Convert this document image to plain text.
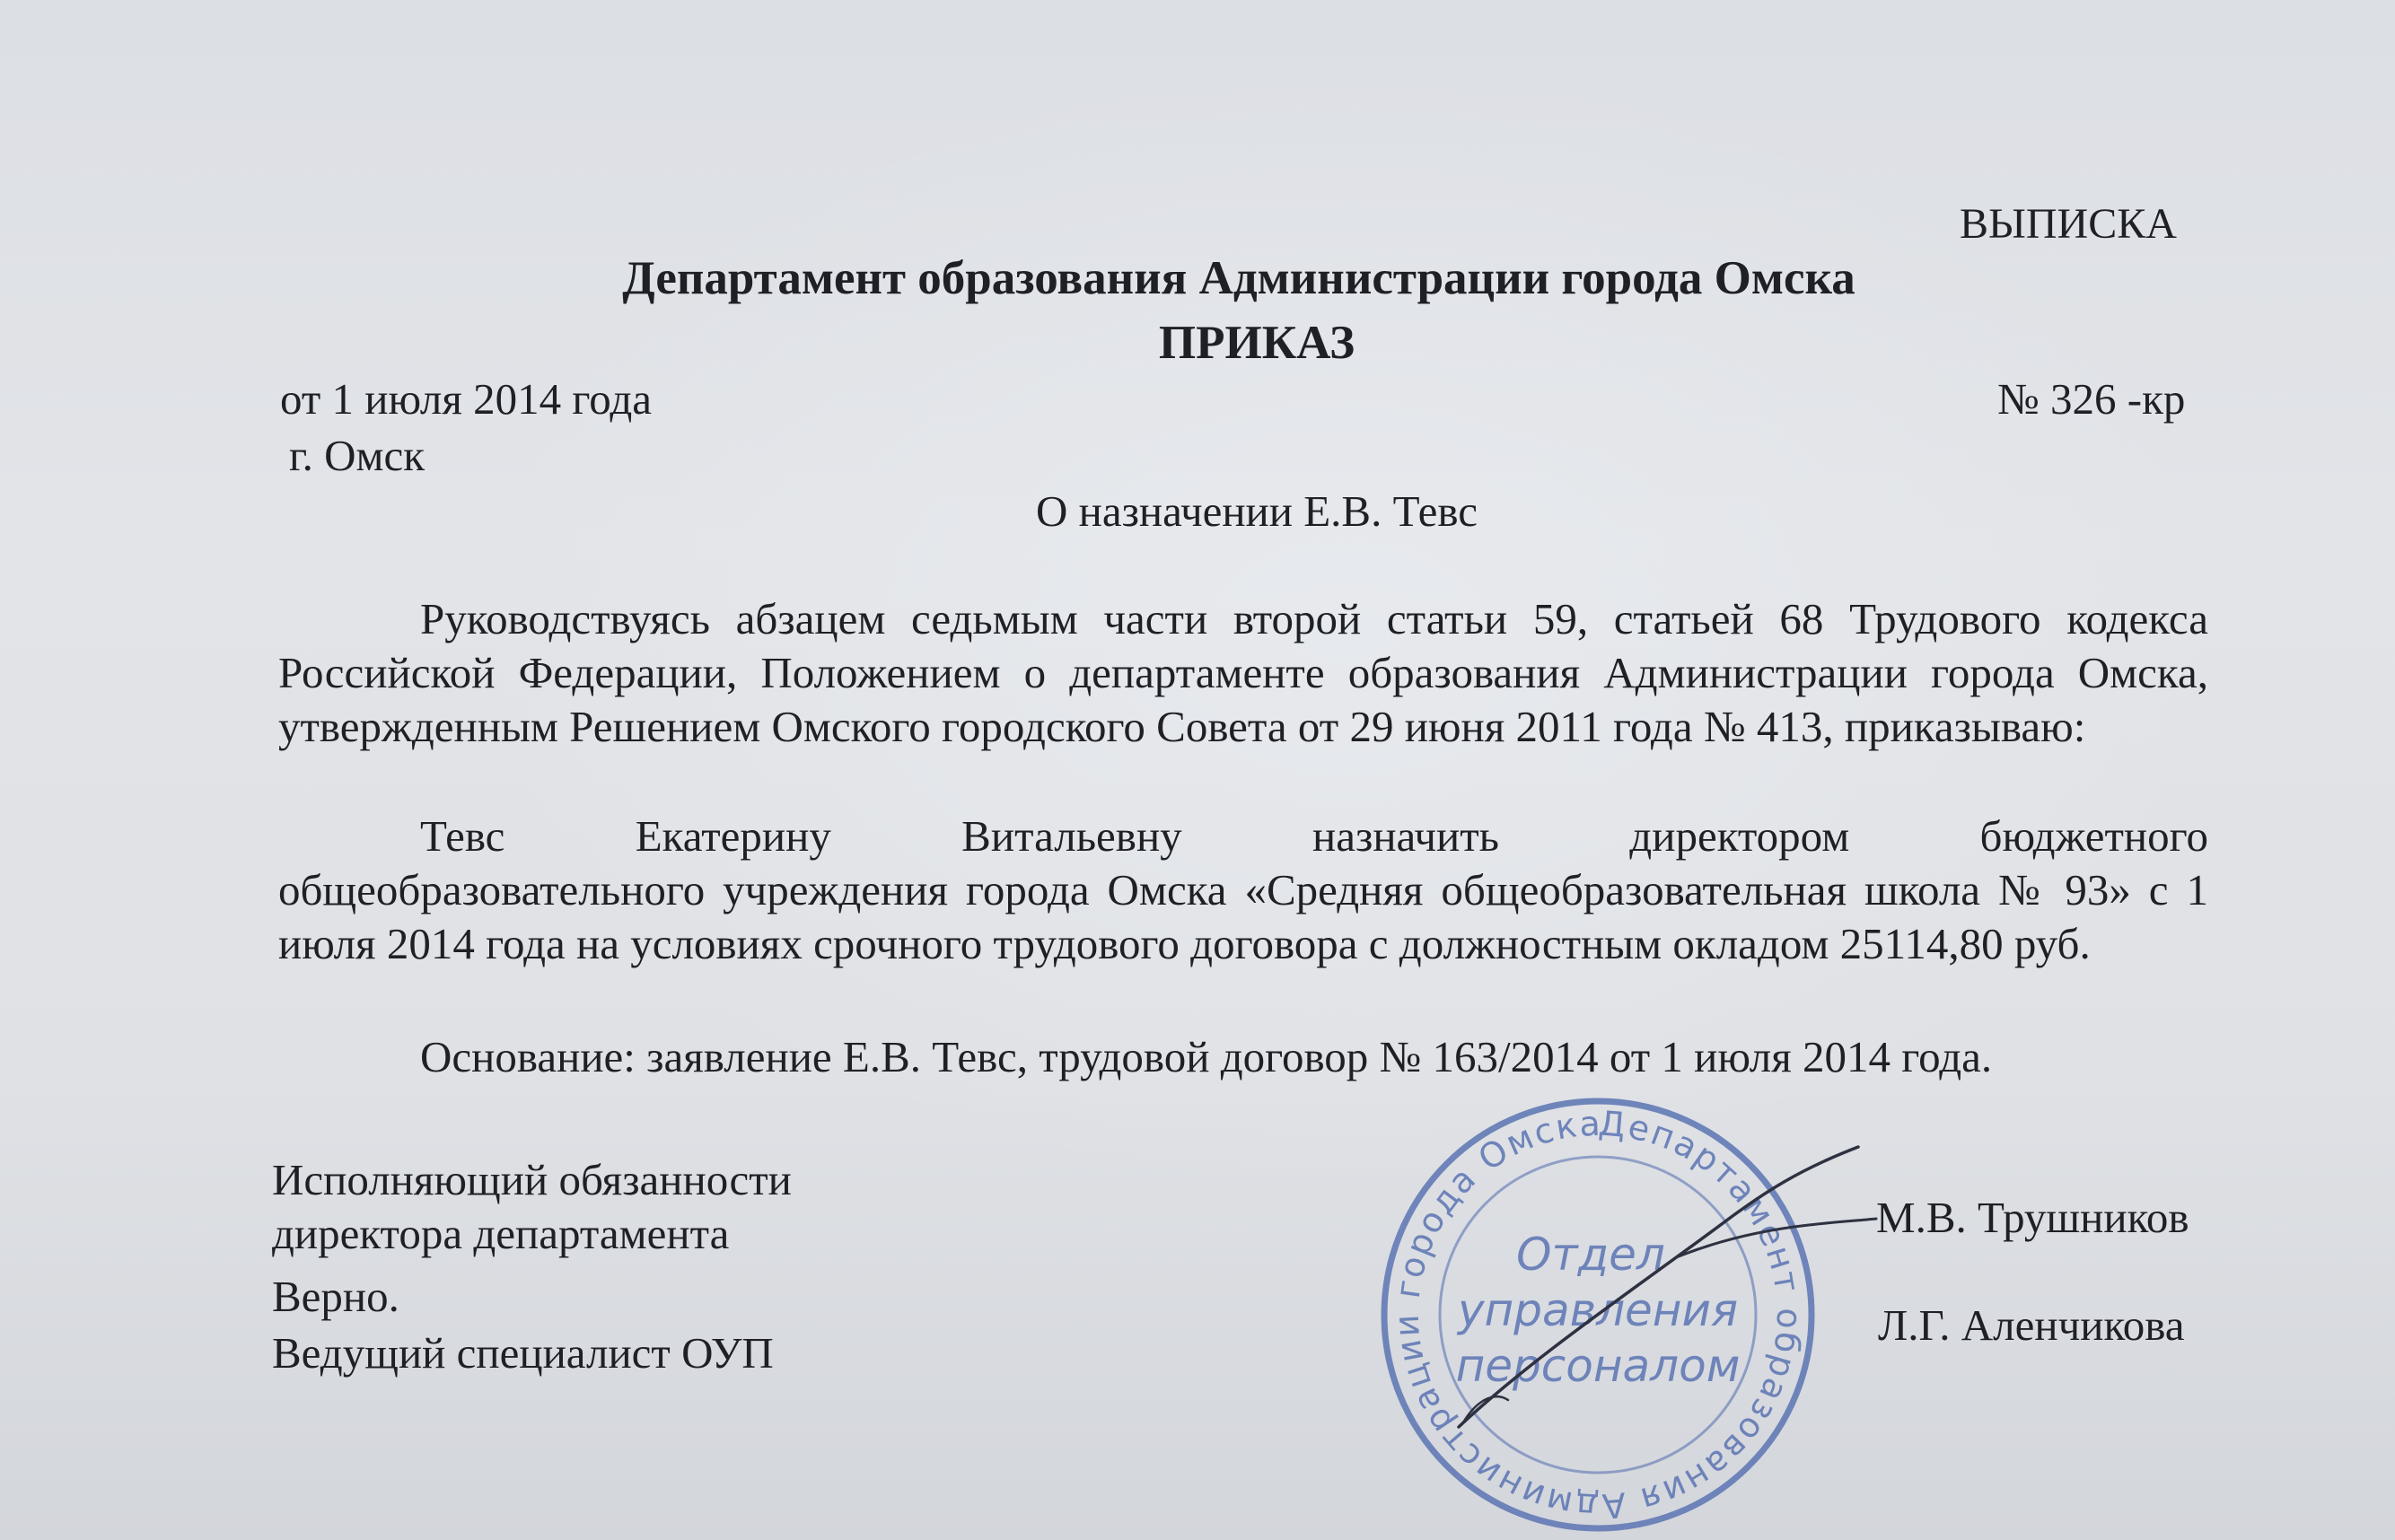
ВЫПИСКА
Департамент образования Администрации города Омска
ПРИКАЗ
от 1 июля 2014 года	№ 326 -кр
г. Омск
О назначении Е.В. Тевс
Руководствуясь абзацем седьмым части второй статьи 59, статьей 68 Трудового кодекса Российской Федерации, Положением о департаменте образования Администрации города Омска, утвержденным Решением Омского городского Совета от 29 июня 2011 года № 413, приказываю:
Тевс Екатерину Витальевну назначить директором бюджетного
общеобразовательного учреждения города Омска «Средняя общеобразовательная школа № 93» с 1 июля 2014 года на условиях срочного трудового договора с должностным окладом 25114,80 руб.
Основание: заявление Е.В. Тевс, трудовой договор № 163/2014 от 1 июля 2014 года.
Исполняющий обязанности
директора департамента
Верно.
Ведущий специалист ОУП
М.В. Трушников
Л.Г. Аленчикова
Департамент образования Администрации города Омска
Отдел
управления
персоналом
